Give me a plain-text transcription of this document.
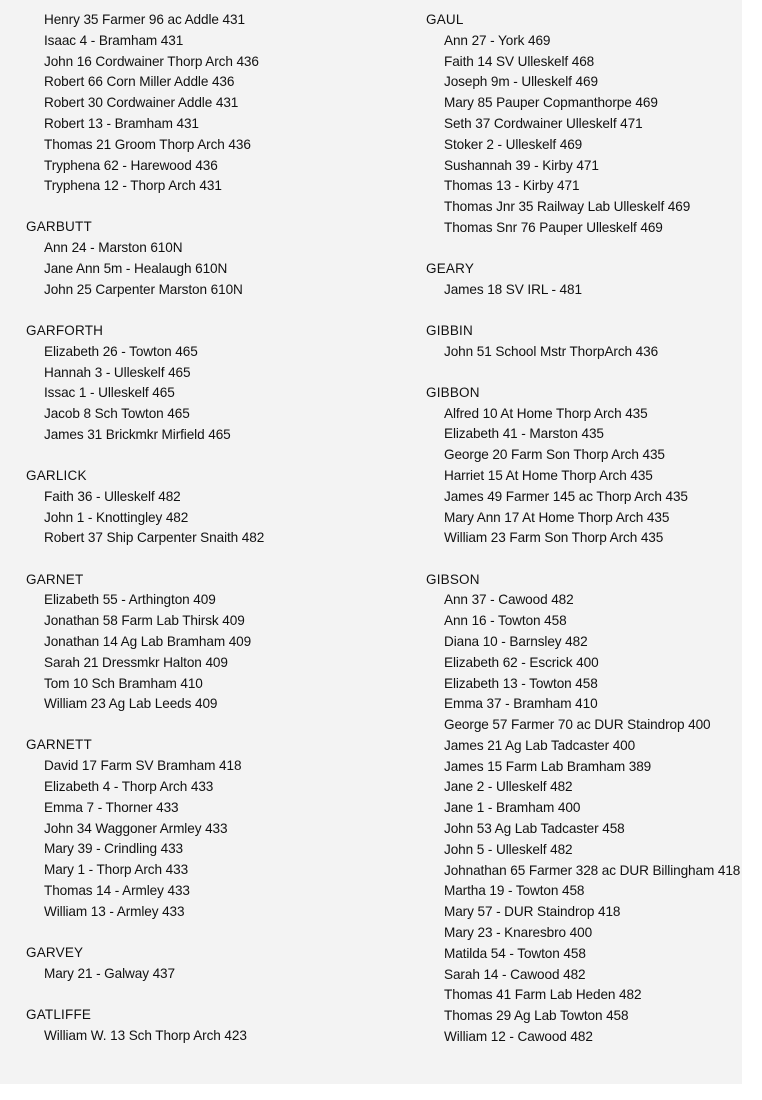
Henry 35 Farmer 96 ac Addle 431
Isaac 4 - Bramham 431
John 16 Cordwainer Thorp Arch 436
Robert 66 Corn Miller Addle 436
Robert 30 Cordwainer Addle 431
Robert 13 - Bramham 431
Thomas 21 Groom Thorp Arch 436
Tryphena 62 - Harewood 436
Tryphena 12 - Thorp Arch 431
GARBUTT
Ann 24 - Marston 610N
Jane Ann 5m - Healaugh 610N
John 25 Carpenter Marston 610N
GARFORTH
Elizabeth 26 - Towton 465
Hannah 3 - Ulleskelf 465
Issac 1 - Ulleskelf 465
Jacob 8 Sch Towton 465
James 31 Brickmkr Mirfield 465
GARLICK
Faith 36 - Ulleskelf 482
John 1 - Knottingley 482
Robert 37 Ship Carpenter Snaith 482
GARNET
Elizabeth 55 - Arthington 409
Jonathan 58 Farm Lab Thirsk 409
Jonathan 14 Ag Lab Bramham 409
Sarah 21 Dressmkr Halton 409
Tom 10 Sch Bramham 410
William 23 Ag Lab Leeds 409
GARNETT
David 17 Farm SV Bramham 418
Elizabeth 4 - Thorp Arch 433
Emma 7 - Thorner 433
John 34 Waggoner Armley 433
Mary 39 - Crindling 433
Mary 1 - Thorp Arch 433
Thomas 14 - Armley 433
William 13 - Armley 433
GARVEY
Mary 21 - Galway 437
GATLIFFE
William W. 13 Sch Thorp Arch 423
GAUL
Ann 27 - York 469
Faith 14 SV Ulleskelf 468
Joseph 9m - Ulleskelf 469
Mary 85 Pauper Copmanthorpe 469
Seth 37 Cordwainer Ulleskelf 471
Stoker 2 - Ulleskelf 469
Sushannah 39 - Kirby 471
Thomas 13 - Kirby 471
Thomas Jnr 35 Railway Lab Ulleskelf 469
Thomas Snr 76 Pauper Ulleskelf 469
GEARY
James 18 SV IRL - 481
GIBBIN
John 51 School Mstr ThorpArch 436
GIBBON
Alfred 10 At Home Thorp Arch 435
Elizabeth 41 - Marston 435
George 20 Farm Son Thorp Arch 435
Harriet 15 At Home Thorp Arch 435
James 49 Farmer 145 ac Thorp Arch 435
Mary Ann 17 At Home Thorp Arch 435
William 23 Farm Son Thorp Arch 435
GIBSON
Ann 37 - Cawood 482
Ann 16 - Towton 458
Diana 10 - Barnsley 482
Elizabeth 62 - Escrick 400
Elizabeth 13 - Towton 458
Emma 37 - Bramham 410
George 57 Farmer 70 ac DUR Staindrop 400
James 21 Ag Lab Tadcaster 400
James 15 Farm Lab Bramham 389
Jane 2 - Ulleskelf 482
Jane 1 - Bramham 400
John 53 Ag Lab Tadcaster 458
John 5 - Ulleskelf 482
Johnathan 65 Farmer 328 ac DUR Billingham 418
Martha 19 - Towton 458
Mary 57 - DUR Staindrop 418
Mary 23 - Knaresbro 400
Matilda 54 - Towton 458
Sarah 14 - Cawood 482
Thomas 41 Farm Lab Heden 482
Thomas 29 Ag Lab Towton 458
William 12 - Cawood 482
